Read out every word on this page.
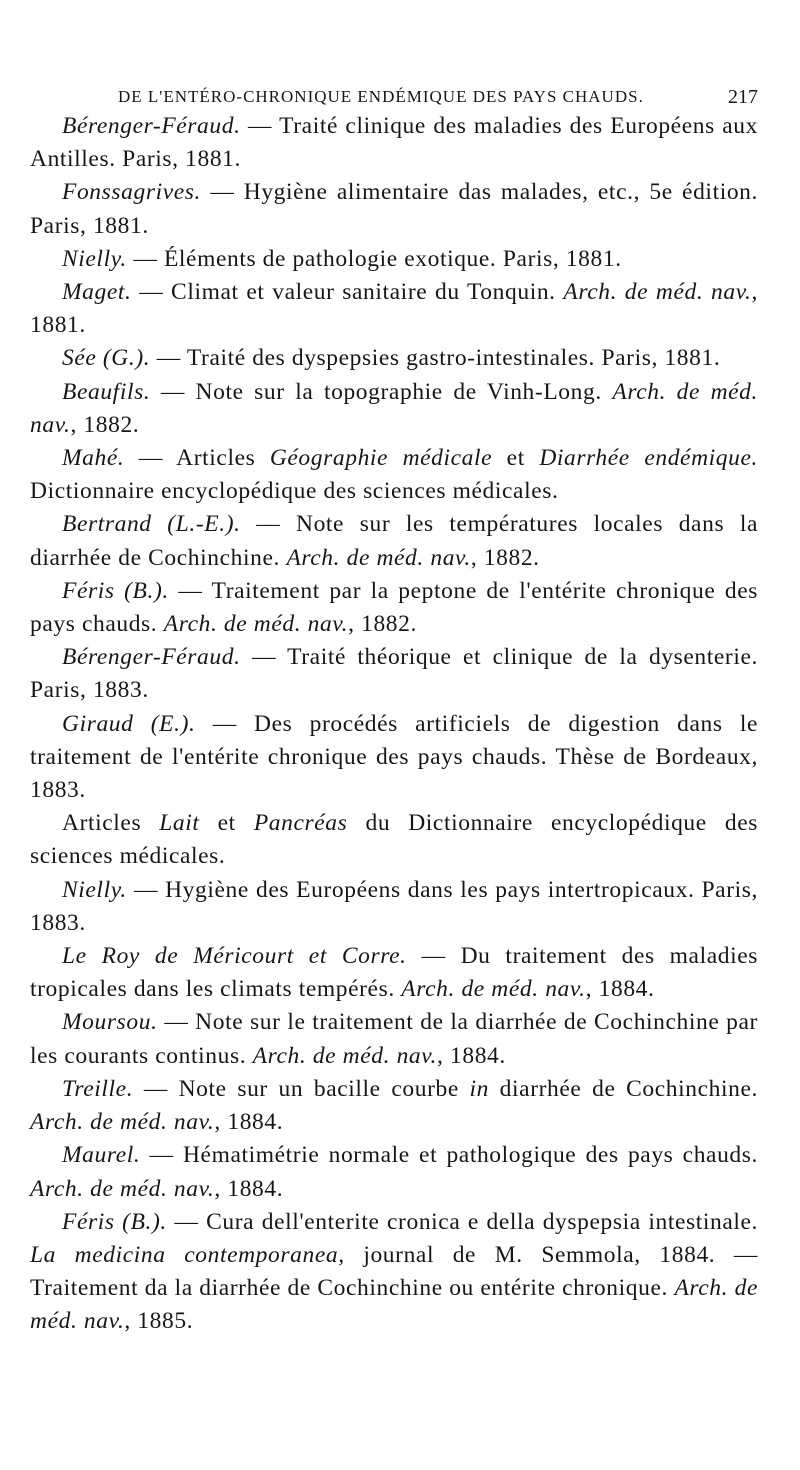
DE L'ENTÉRO-CHRONIQUE ENDÉMIQUE DES PAYS CHAUDS.	217

Bérenger-Féraud. — Traité clinique des maladies des Européens aux Antilles. Paris, 1881.

Fonssagrives. — Hygiène alimentaire das malades, etc., 5e édition. Paris, 1881.

Nielly. — Éléments de pathologie exotique. Paris, 1881.

Maget. — Climat et valeur sanitaire du Tonquin. Arch. de méd. nav., 1881.

Sée (G.). — Traité des dyspepsies gastro-intestinales. Paris, 1881.

Beaufils. — Note sur la topographie de Vinh-Long. Arch. de méd. nav., 1882.

Mahé. — Articles Géographie médicale et Diarrhée endémique. Dictionnaire encyclopédique des sciences médicales.

Bertrand (L.-E.). — Note sur les températures locales dans la diarrhée de Cochinchine. Arch. de méd. nav., 1882.

Féris (B.). — Traitement par la peptone de l'entérite chronique des pays chauds. Arch. de méd. nav., 1882.

Bérenger-Féraud. — Traité théorique et clinique de la dysenterie. Paris, 1883.

Giraud (E.). — Des procédés artificiels de digestion dans le traitement de l'entérite chronique des pays chauds. Thèse de Bordeaux, 1883.

Articles Lait et Pancréas du Dictionnaire encyclopédique des sciences médicales.

Nielly. — Hygiène des Européens dans les pays intertropicaux. Paris, 1883.

Le Roy de Méricourt et Corre. — Du traitement des maladies tropicales dans les climats tempérés. Arch. de méd. nav., 1884.

Moursou. — Note sur le traitement de la diarrhée de Cochinchine par les courants continus. Arch. de méd. nav., 1884.

Treille. — Note sur un bacille courbe in diarrhée de Cochinchine. Arch. de méd. nav., 1884.

Maurel. — Hématimétrie normale et pathologique des pays chauds. Arch. de méd. nav., 1884.

Féris (B.). — Cura dell'enterite cronica e della dyspepsia intestinale. La medicina contemporanea, journal de M. Semmola, 1884. — Traitement da la diarrhée de Cochinchine ou entérite chronique. Arch. de méd. nav., 1885.
